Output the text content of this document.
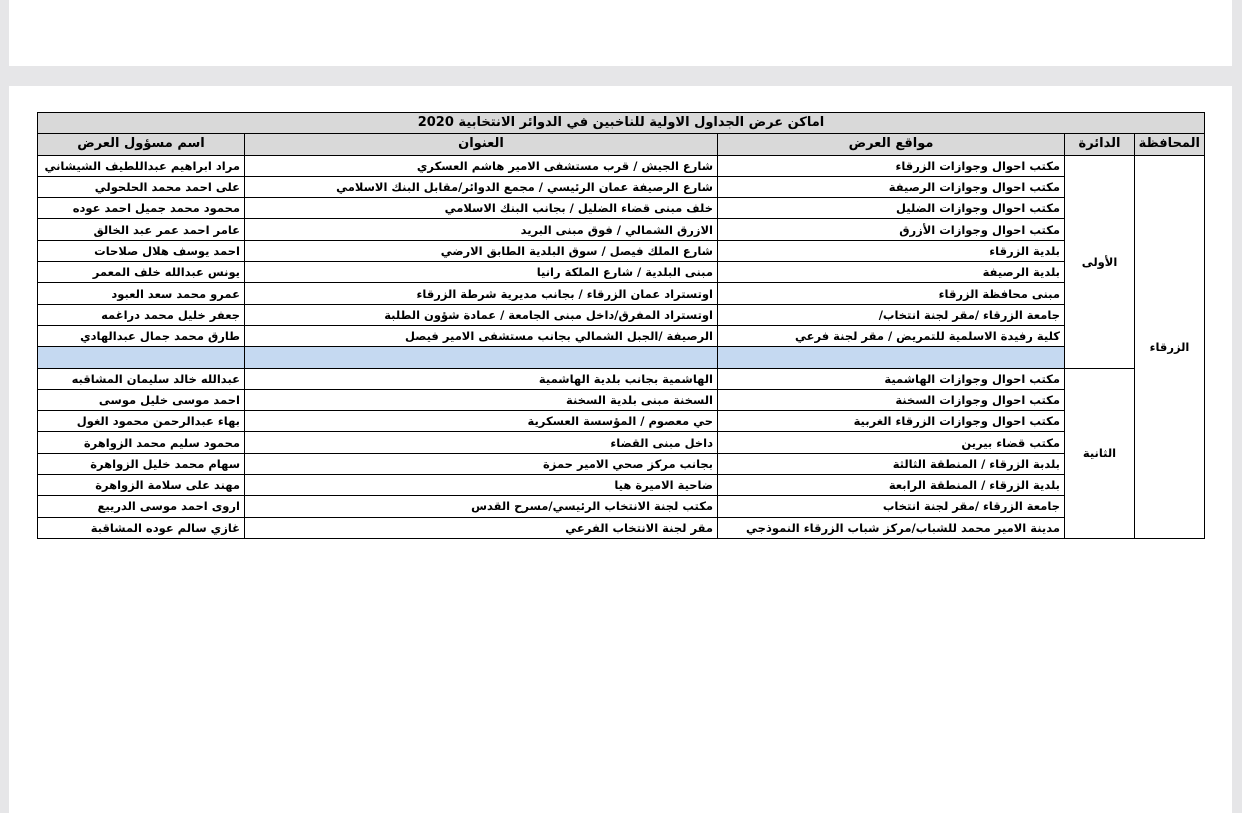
اماكن عرض الجداول الاولية للناخبين في الدوائر الانتخابية 2020				
المحافظة	الدائرة	مواقع العرض	العنوان	اسم مسؤول العرض
الزرقاء	الأولى	مكتب احوال وجوازات الزرقاء	شارع الجيش / قرب مستشفى الامير هاشم العسكري	مراد ابراهيم عبداللطيف الشيشاني
		مكتب احوال وجوازات الرصيفة	شارع الرصيفة عمان الرئيسي / مجمع الدوائر/مقابل البنك الاسلامي	على احمد محمد الحلحولي
		مكتب احوال وجوازات الضليل	خلف مبنى قضاء الضليل / بجانب البنك الاسلامي	محمود محمد جميل احمد عوده
		مكتب احوال وجوازات الأزرق	الازرق الشمالي / فوق مبنى البريد	عامر احمد عمر عبد الخالق
		بلدية الزرقاء	شارع الملك فيصل / سوق البلدية الطابق الارضي	احمد يوسف هلال صلاحات
		بلدية الرصيفة	مبنى البلدية / شارع الملكة رانيا	يونس عبدالله خلف المعمر
		مبنى محافظة الزرقاء	اوتستراد عمان الزرقاء / بجانب مديرية شرطة الزرقاء	عمرو محمد سعد العبود
		جامعة الزرقاء /مقر لجنة انتخاب/	اوتستراد المفرق/داخل مبنى الجامعة / عمادة شؤون الطلبة	جعفر خليل محمد دراغمه
		كلية رفيدة الاسلمية للتمريض / مقر لجنة فرعي	الرصيفة /الجبل الشمالي بجانب مستشفى الامير فيصل	طارق محمد جمال عبدالهادي

	الثانية	مكتب احوال وجوازات الهاشمية	الهاشمية بجانب بلدية الهاشمية	عبدالله خالد سليمان المشاقبه
		مكتب احوال وجوازات السخنة	السخنة مبنى بلدية السخنة	احمد موسى خليل موسى
		مكتب احوال وجوازات الزرقاء الغربية	حي معصوم / المؤسسة العسكرية	بهاء عبدالرحمن محمود الغول
		مكتب قضاء بيرين	داخل مبنى القضاء	محمود سليم محمد الزواهرة
		بلدبة الزرقاء / المنطقة الثالثة	بجانب مركز صحي الامير حمزة	سهام محمد خليل الزواهرة
		بلدية الزرقاء / المنطقة الرابعة	ضاحية الاميرة هيا	مهند على سلامة الزواهرة
		جامعة الزرقاء /مقر لجنة انتخاب	مكتب لجنة الانتخاب الرئيسي/مسرح القدس	اروى احمد موسى الدرييع
		مدينة الامير محمد للشباب/مركز شباب الزرقاء النموذجي	مقر لجنة الانتخاب الفرعي	غازي سالم عوده المشاقبة
